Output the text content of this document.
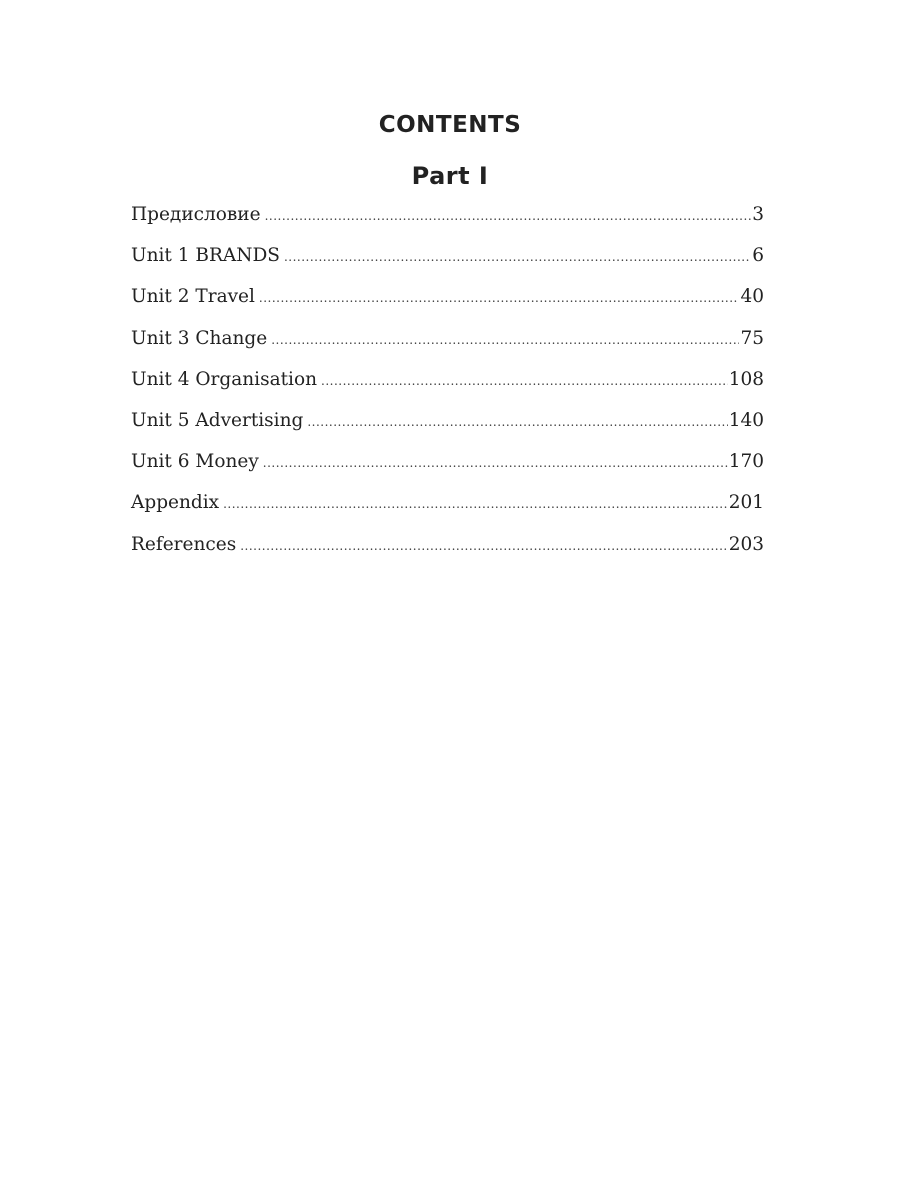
CONTENTS
Part I
Предисловие .....	3
Unit 1 BRANDS .....	6
Unit 2 Travel .....	40
Unit 3 Change .....	75
Unit 4 Organisation .....	108
Unit 5 Advertising .....	140
Unit 6 Money .....	170
Appendix .....	201
References .....	203
